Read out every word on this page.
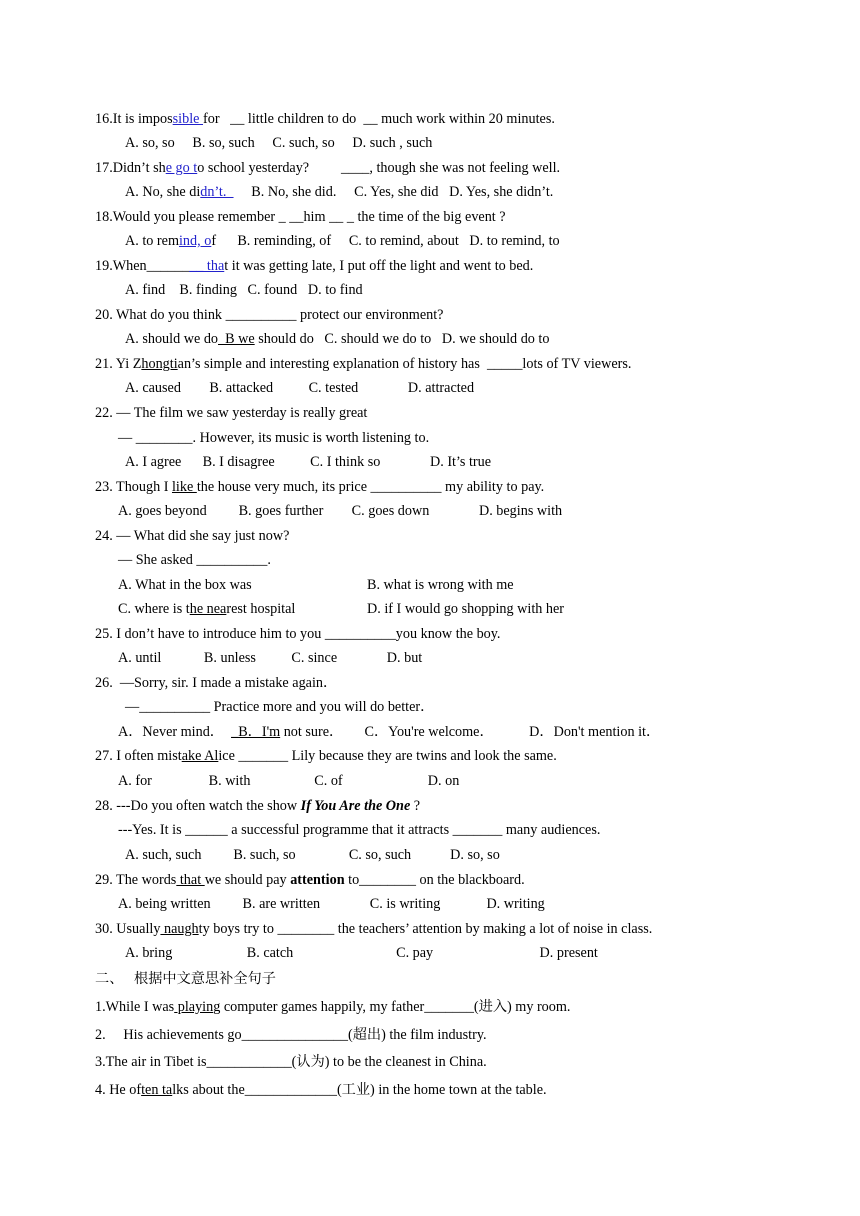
16.It is impossible for   __ little children to do  __ much work within 20 minutes.
A. so, so     B. so, such     C. such, so     D. such , such
17.Didn’t she go to school yesterday?         ____, though she was not feeling well.
A. No, she didn’t.       B. No, she did.     C. Yes, she did   D. Yes, she didn’t.
18.Would you please remember _ __him __ _ the time of the big event ?
A. to remind, of      B. reminding, of     C. to remind, about   D. to remind, to
19.When________ that it was getting late, I put off the light and went to bed.
A. find    B. finding   C. found   D. to find
20. What do you think __________ protect our environment?
A. should we do  B we should do   C. should we do to   D. we should do to
21. Yi Zhongtian’s simple and interesting explanation of history has  _____lots of TV viewers.
A. caused        B. attacked          C. tested              D. attracted
22. — The film we saw yesterday is really great
— ________. However, its music is worth listening to.
A. I agree      B. I disagree          C. I think so              D. It’s true
23. Though I like the house very much, its price __________ my ability to pay.
A. goes beyond         B. goes further        C. goes down              D. begins with
24. — What did she say just now?
— She asked __________.
A. What in the box was	B. what is wrong with me
C. where is the nearest hospital	D. if I would go shopping with her
25. I don’t have to introduce him to you __________you know the boy.
A. until            B. unless          C. since              D. but
26.  —Sorry, sir. I made a mistake again．
—__________ Practice more and you will do better．
A．Never mind．  _B．I'm not sure．      C．You're welcome．          D．Don't mention it．
27. I often mistake Alice _______ Lily because they are twins and look the same.
A. for                B. with                  C. of                        D. on
28. ---Do you often watch the show If You Are the One ?
---Yes. It is ______ a successful programme that it attracts _______ many audiences.
A. such, such         B. such, so               C. so, such           D. so, so
29. The words that we should pay attention to________ on the blackboard.
A. being written         B. are written              C. is writing             D. writing
30. Usually naughty boys try to ________ the teachers’ attention by making a lot of noise in class.
A. bring                     B. catch                             C. pay                              D. present
二、   根据中文意思补全句子
1.While I was playing computer games happily, my father_______(进入) my room.
2.     His achievements go_______________(超出) the film industry.
3.The air in Tibet is____________(认为) to be the cleanest in China.
4. He often talks about the_____________(工业) in the home town at the table.
